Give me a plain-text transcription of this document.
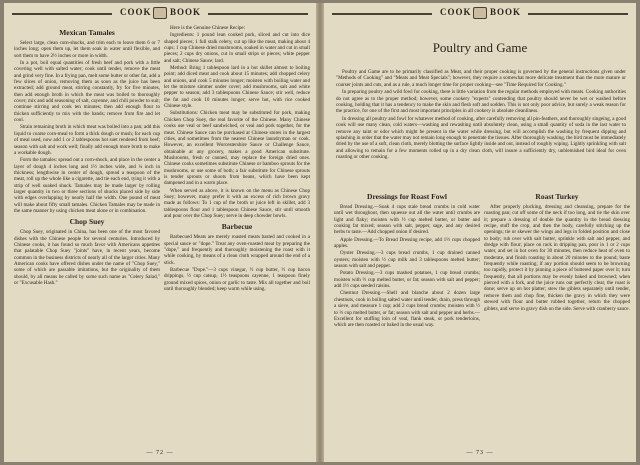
COOK BOOK
Mexican Tamales

Select large, clean corn-shucks, and trim each to leave them 6 or 7 inches long; open them up, let them soak in water until flexible, and sort them to have 2½ inches or more in width.

In a pot, boil equal quantities of fresh beef and pork with a little covering well with salted water; cook until tender, remove the meat and grind very fine. In a frying pan, melt some butter or other fat, add a few slices of onion, removing them as soon as the juice has been extracted; add ground meat, stirring constantly, fry for five minutes, then add enough broth in which the meat was boiled to thoroughly cover; mix and add seasoning of salt, cayenne, and chili powder to suit; continue stirring and cook ten minutes; then add enough flour to thicken sufficiently to mix with the hands; remove from fire and let cool.

Strain remaining broth in which meat was boiled into a pan; add this liquid to coarse corn-meal to form a thick dough or mush; for each cup of meal used, now add 1 or 2 tablespoons hot suet rendered from beef; season with salt and work well; finally add enough more broth to make a workable dough.

Form the tamales: spread out a corn-shuck, and place in the center a layer of dough 4 inches long and 1½ inches wide, and ¼ inch in thickness; lengthwise in center of dough, spread a teaspoon of the meat, roll up the whole like a cigarette, and tie each end, tying it with a strip of well soaked shuck. Tamales may be made larger by rolling larger quantity in two or three sections of shucks placed side by side with edges overlapping by nearly half the width. One pound of meat will make about fifty small tamales. Chicken Tamales may be made in the same manner by using chicken meat alone or in combination.

Chop Suey

Chop Suey, originated in China, has been one of the most favored dishes with the Chinese people for several centuries. Introduced by Chinese cooks, it has found so much favor with Americans appetites that palatable Chop Suey "joints" have, in recent years, become common in the business districts of nearly all of the larger cities. Many American cooks have offered dishes under the name of "Chop Suey," some of which are passable imitations, but the originality of them should, by all means be called by some such name as "Celery Salad," or "Excusable Hash."

Here is the Genuine Chinese Recipe:

Ingredients: 1 pound lean cooked pork, sliced and cut into dice shaped pieces; 1 full stalk celery, cut up like the meat, making about 4 cups; 1 cup Chinese dried mushrooms, soaked in water and cut in small pieces; 2 cups dry onions, cut in small strips or pieces; white pepper and salt; Chinese Sauce; lard.

Method: Bring 1 tablespoon lard in a hot skillet almost to boiling point; add diced meat and cook about 15 minutes; add chopped celery and onions, and cook 5 minutes longer; moisten with boiling water and let the mixture simmer under cover; add mushrooms, salt and white pepper to season; add 3 tablespoons Chinese Sauce; stir well, reduce the fat and cook 10 minutes longer; serve hot, with rice cooked Chinese style.

Substitutions: Chicken meat may be substituted for pork, making Chicken Chop Suey, the real favorite of the Chinese. Many Chinese cooks use veal or beef sandwiched, or veal and pork together, for the meat. Chinese Sauce can be purchased at Chinese stores in the largest cities, and sometimes from the nearest Chinese laundryman or cook. However, an excellent Worcestershire Sauce or Challenge Sauce, obtainable at any grocery, makes a good American substitute. Mushrooms, fresh or canned, may replace the foreign dried ones. Chinese cooks sometimes substitute Chinese or bamboo sprouts for the mushrooms, or use some of both; a fair substitute for Chinese sprouts is tender sprouts or shoots from beans, which have been kept dampened and in a warm place.

When served as above, it is known on the menu as Chinese Chop Suey; however, many prefer it with an excess of rich brown gravy made as follows: To 1 cup of the broth or juice left in skillet, add 3 tablespoons flour and 1 tablespoon Chinese Sauce, stir until smooth and pour over the Chop Suey; serve in deep chowder bowls.

Barbecue

Barbecued Meats are merely roasted meats basted and cooked in a special sauce or "dope." Treat any oven-roasted meat by preparing the "dope," and frequently and thoroughly moistening the roast with it while cooking, by means of a clean cloth wrapped around the end of a stick.

Barbecue "Dope."—3 cups vinegar, ½ cup butter, ½ cup bacon drippings, ½ cup catsup, 1½ teaspoons cayenne, 1 teaspoon finely ground mixed spices, onion or garlic to taste. Mix all together and boil until thoroughly blended; keep warm while using.

— 72 —
COOK BOOK
Poultry and Game

Poultry and Game are to be primarily classified as Meat, and their proper cooking is governed by the general instructions given under "Methods of Cooking" and "Meats and Meat Specials"; however, they require a somewhat more delicate treatment than the more mature or coarser joints and cuts, and as a rule, a much longer time for proper cooking—see "Time Required for Cooking."

In preparing poultry and wild fowl for cooking, there is little variation from the regular methods employed with meats. Cooking authorities do not agree as to the proper method; however, some cookery "experts" contending that poultry should never be wet or washed before cooking, holding that it has a tendency to make the skin and flesh soft and sodden. This is not only poor advice, but surely a weak reason for the practice, for one of the first and most important principles in all cookery is absolute cleanliness.

In dressing all poultry and fowl for whatever method of cooking, after carefully removing all pin-feathers, and thoroughly singeing, a good cook will use many clean, cold waters—washing and rewashing until absolutely clean, using a small quantity of soda in the last water to remove any taint or odor which might be present in the water while dressing, but will accomplish the washing by frequent dipping and splashing in order that the water may not remain long enough to penetrate the tissues. After thoroughly washing, the bird must be immediately dried by the use of a soft, clean cloth, merely blotting the surface lightly inside and out, instead of roughly wiping. Lightly sprinkling with salt and allowing to remain for a few moments rolled up in a dry clean cloth, will insure a sufficiently dry, unblemished bird ideal for oven roasting or other cooking.

Dressings for Roast Fowl

Bread Dressing.—Soak 4 cups stale bread crumbs in cold water until wet throughout, then squeeze out all the water until crumbs are light and flaky; moisten with ½ cup melted butter, or butter and cooking fat mixed; season with salt, pepper, sage, and any desired herbs to taste.—Add chopped onion if desired.

Apple Dressing.—To Bread Dressing recipe, add 1½ cups chopped apples.

Oyster Dressing.—3 cups bread crumbs, 1 cup drained canned oysters; moisten with ½ cup milk and 3 tablespoons melted butter; season with salt and pepper.

Potato Dressing.—3 cups mashed potatoes, 1 cup bread crumbs; moisten with ½ cup melted butter, or fat; season with salt and pepper; add 1½ cups seeded raisins.

Chestnut Dressing.—Shell and blanche about 2 dozen large chestnuts, cook in boiling salted water until tender, drain, press through a sieve, and measure 1 cup; add 2 cups bread crumbs; moisten with ½ to ⅔ cup melted butter, or fat; season with salt and pepper and herbs.—Excellent for stuffing loin of veal, flank steak, or pork tenderloins, which are then roasted or baked in the usual way.

Roast Turkey

After properly plucking, dressing and cleansing, prepare for the roasting pan; cut off some of the neck if too long, and tie the skin over it; prepare a dressing of double the quantity in the bread dressing recipe, stuff the crop, and then the body, carefully stitching up the openings; tie or skewer the wings and legs in folded position and close to body; rub over with salt butter, sprinkle with salt and pepper, and dredge with flour; place on rack in dripping pan, pour in 1 or 2 cups water, and set in hot oven for 30 minutes, then reduce heat of oven to moderate, and finish roasting in about 20 minutes to the pound; baste frequently while roasting; if any portion should seem to be browning too rapidly, protect it by pinning a piece of buttered paper over it; turn frequently, that all portions may be evenly baked and browned; when pierced with a fork, and the juice runs out perfectly clear, the roast is done; serve up on hot platter; stew the giblets separately until tender, remove them and chop fine, thicken the gravy in which they were stewed with flour and butter rubbed together, return the chopped giblets, and serve in gravy dish on the side. Serve with cranberry sauce.

— 73 —
